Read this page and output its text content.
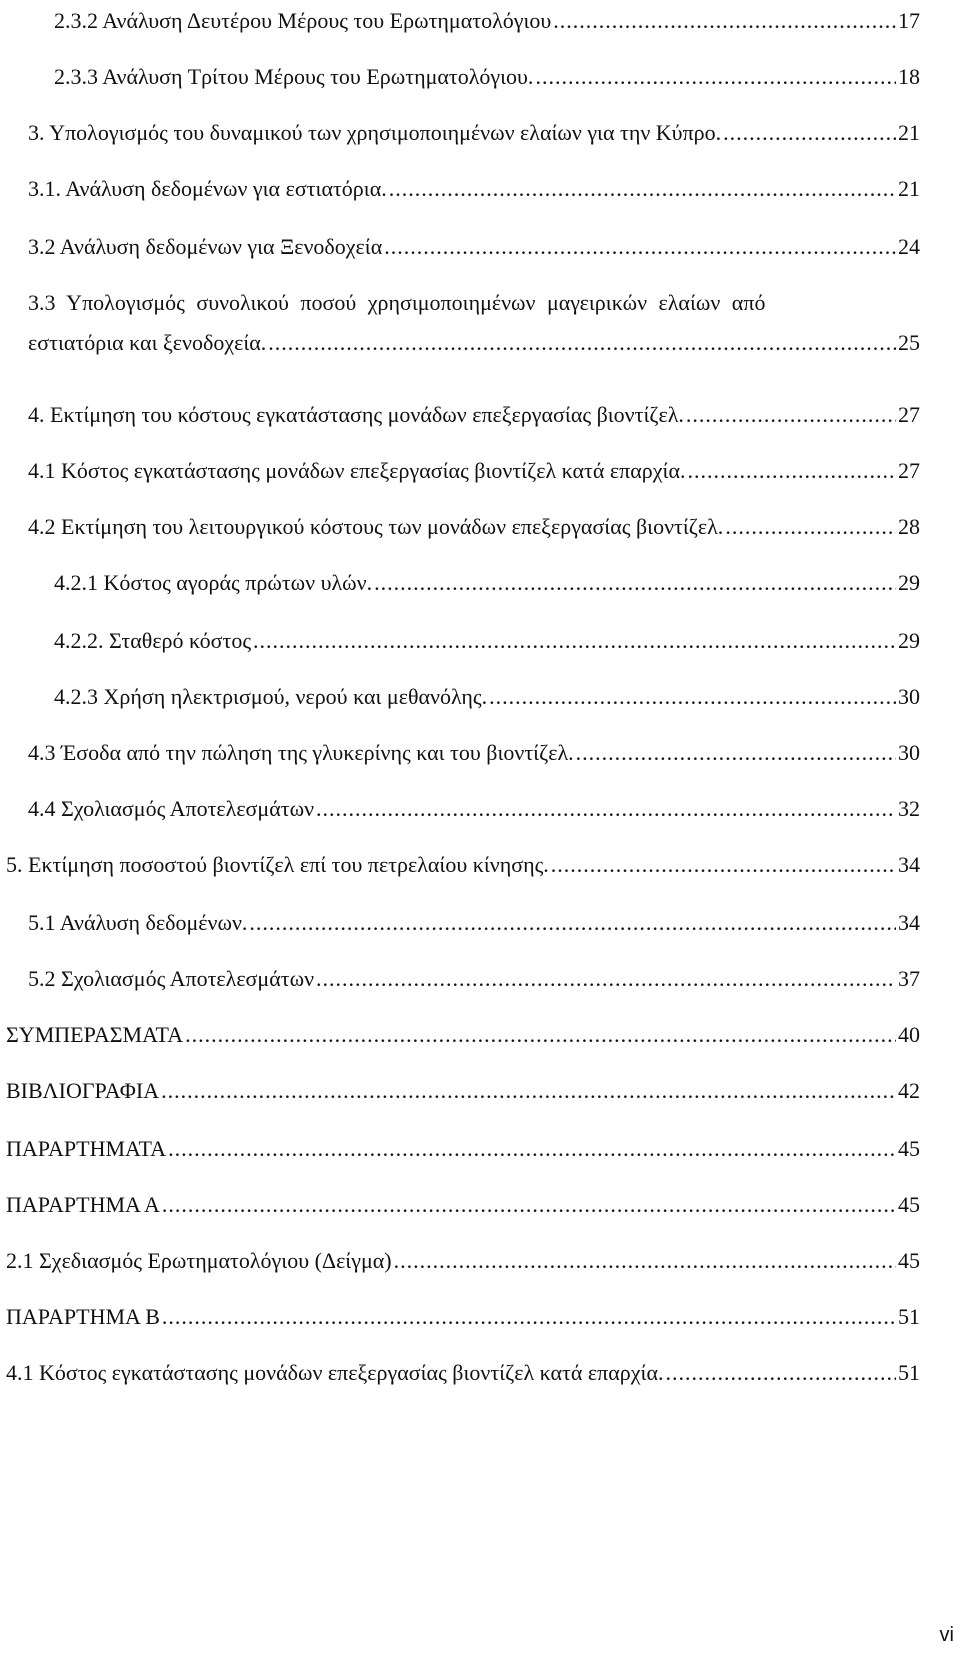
2.3.2 Ανάλυση Δευτέρου Μέρους του Ερωτηματολόγιου .....	17
2.3.3 Ανάλυση Τρίτου Μέρους του Ερωτηματολόγιου. .....	18
3. Υπολογισμός του δυναμικού των χρησιμοποιημένων ελαίων για την Κύπρο. .....	21
3.1. Ανάλυση δεδομένων για εστιατόρια. .....	21
3.2 Ανάλυση δεδομένων για Ξενοδοχεία .....	24
3.3 Υπολογισμός συνολικού ποσού χρησιμοποιημένων μαγειρικών ελαίων από
εστιατόρια και ξενοδοχεία. .....	25
4. Εκτίμηση του κόστους εγκατάστασης μονάδων επεξεργασίας βιοντίζελ. .....	27
4.1 Κόστος εγκατάστασης μονάδων επεξεργασίας βιοντίζελ κατά επαρχία. .....	27
4.2 Εκτίμηση του λειτουργικού κόστους των μονάδων επεξεργασίας βιοντίζελ. .....	28
4.2.1 Κόστος αγοράς πρώτων υλών. .....	29
4.2.2. Σταθερό κόστος .....	29
4.2.3 Χρήση ηλεκτρισμού, νερού και μεθανόλης. .....	30
4.3 Έσοδα από την πώληση της γλυκερίνης και του βιοντίζελ. .....	30
4.4 Σχολιασμός Αποτελεσμάτων .....	32
5. Εκτίμηση ποσοστού βιοντίζελ επί του πετρελαίου κίνησης. .....	34
5.1 Ανάλυση δεδομένων. .....	34
5.2 Σχολιασμός Αποτελεσμάτων .....	37
ΣΥΜΠΕΡΑΣΜΑΤΑ .....	40
ΒΙΒΛΙΟΓΡΑΦΙΑ .....	42
ΠΑΡΑΡΤΗΜΑΤΑ .....	45
ΠΑΡΑΡΤΗΜΑ Α .....	45
2.1 Σχεδιασμός Ερωτηματολόγιου (Δείγμα) .....	45
ΠΑΡΑΡΤΗΜΑ Β .....	51
4.1 Κόστος εγκατάστασης μονάδων επεξεργασίας βιοντίζελ κατά επαρχία. .....	51
vi
